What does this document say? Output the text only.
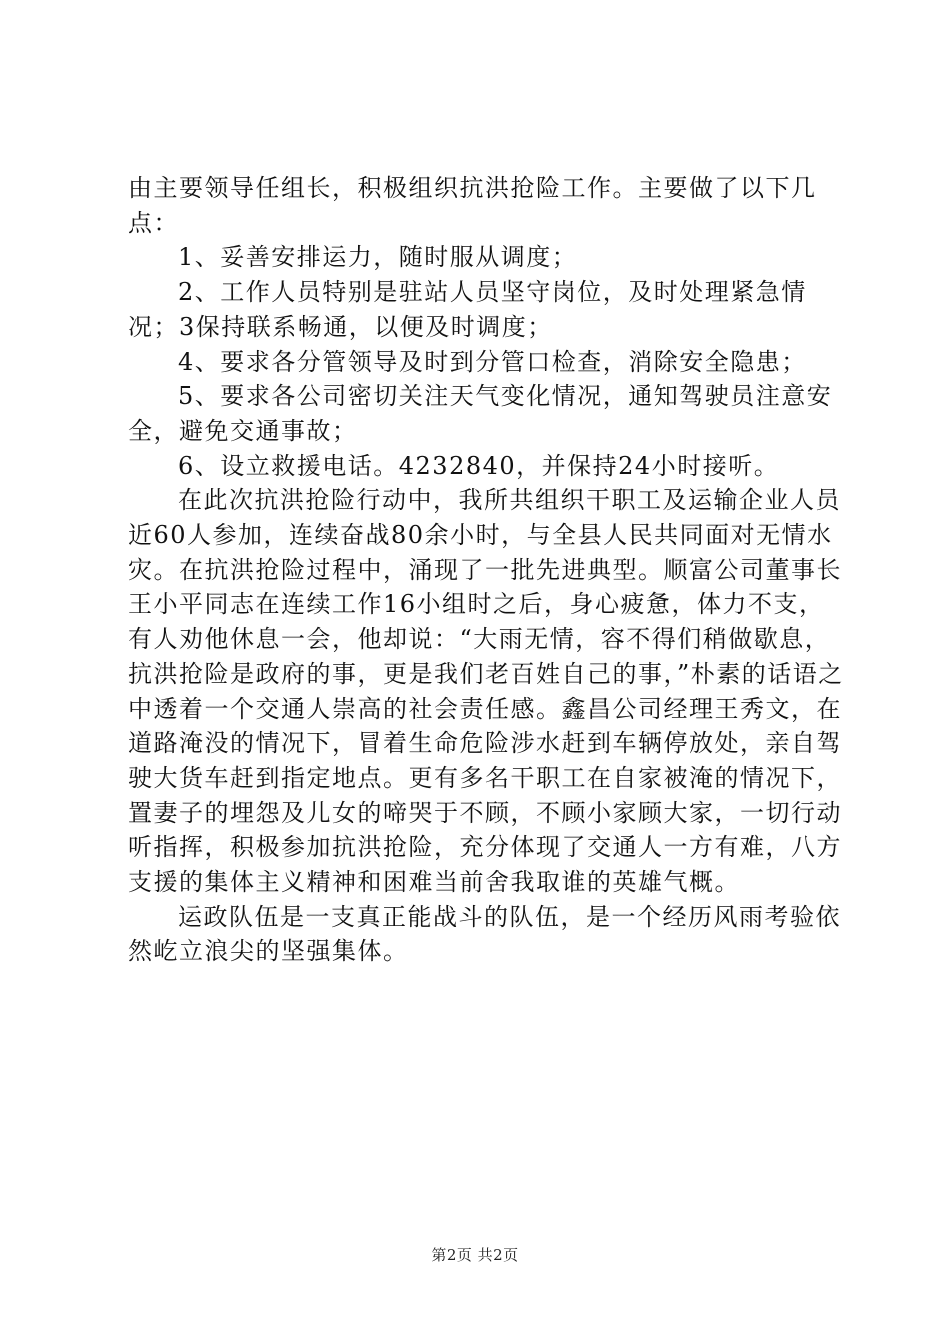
由主要领导任组长，积极组织抗洪抢险工作。主要做了以下几点：

1、妥善安排运力，随时服从调度；

2、工作人员特别是驻站人员坚守岗位，及时处理紧急情况；3保持联系畅通，以便及时调度；

4、要求各分管领导及时到分管口检查，消除安全隐患；

5、要求各公司密切关注天气变化情况，通知驾驶员注意安全，避免交通事故；

6、设立救援电话。4232840，并保持24小时接听。

在此次抗洪抢险行动中，我所共组织干职工及运输企业人员近60人参加，连续奋战80余小时，与全县人民共同面对无情水灾。在抗洪抢险过程中，涌现了一批先进典型。顺富公司董事长王小平同志在连续工作16小组时之后，身心疲惫，体力不支，有人劝他休息一会，他却说：“大雨无情，容不得们稍做歇息，抗洪抢险是政府的事，更是我们老百姓自己的事，”朴素的话语之中透着一个交通人崇高的社会责任感。鑫昌公司经理王秀文，在道路淹没的情况下，冒着生命危险涉水赶到车辆停放处，亲自驾驶大货车赶到指定地点。更有多名干职工在自家被淹的情况下，置妻子的埋怨及儿女的啼哭于不顾，不顾小家顾大家，一切行动听指挥，积极参加抗洪抢险，充分体现了交通人一方有难，八方支援的集体主义精神和困难当前舍我取谁的英雄气概。

运政队伍是一支真正能战斗的队伍，是一个经历风雨考验依然屹立浪尖的坚强集体。

第2页 共2页
